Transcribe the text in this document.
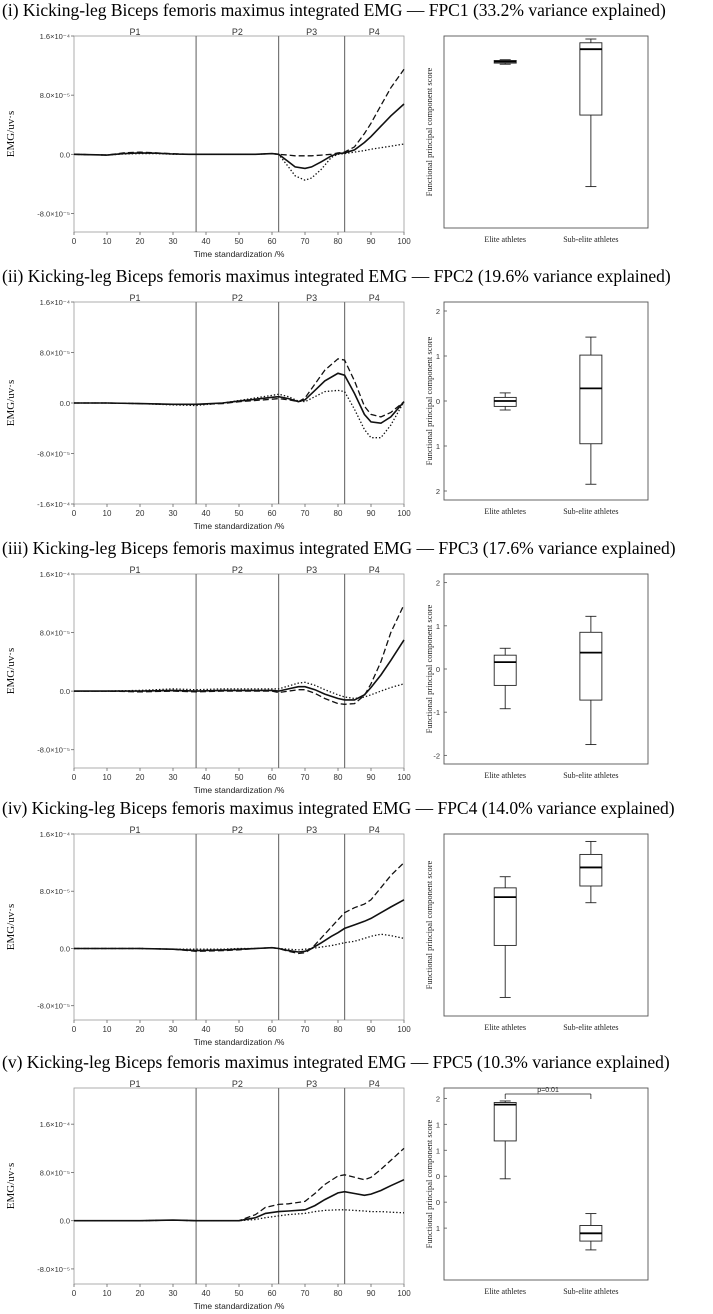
(i) Kicking-leg Biceps femoris maximus integrated EMG — FPC1 (33.2% variance explained)
P1	P2	P3	P4
0	10	20	30	40	50	60	70	80	90	100
Time standardization /%
1.6×10⁻⁴
8.0×10⁻⁵
0.0
-8.0×10⁻⁵
EMG/uv·s	Functional principal component score
Elite athletes	Sub-elite athletes
(ii) Kicking-leg Biceps femoris maximus integrated EMG — FPC2 (19.6% variance explained)
P1	P2	P3	P4
0	10	20	30	40	50	60	70	80	90	100
Time standardization /%
1.6×10⁻⁴
8.0×10⁻⁵
0.0
-8.0×10⁻⁵
-1.6×10⁻⁴
EMG/uv·s
2
1
0
1
2
Functional principal component score
Elite athletes	Sub-elite athletes
(iii) Kicking-leg Biceps femoris maximus integrated EMG — FPC3 (17.6% variance explained)
P1	P2	P3	P4
0	10	20	30	40	50	60	70	80	90	100
Time standardization /%
1.6×10⁻⁴
8.0×10⁻⁵
0.0
-8.0×10⁻⁵
EMG/uv·s
2
1
0
-1
-2
Functional principal component score
Elite athletes	Sub-elite athletes
(iv) Kicking-leg Biceps femoris maximus integrated EMG — FPC4 (14.0% variance explained)
P1	P2	P3	P4
0	10	20	30	40	50	60	70	80	90	100
Time standardization /%
1.6×10⁻⁴
8.0×10⁻⁵
0.0
-8.0×10⁻⁵
EMG/uv·s	Functional principal component score
Elite athletes	Sub-elite athletes
(v) Kicking-leg Biceps femoris maximus integrated EMG — FPC5 (10.3% variance explained)
P1	P2	P3	P4
0	10	20	30	40	50	60	70	80	90	100
Time standardization /%
1.6×10⁻⁴
8.0×10⁻⁵
0.0
-8.0×10⁻⁵
EMG/uv·s
2
1
1
0
0
1
Functional principal component score
Elite athletes	Sub-elite athletes
p=0.01
